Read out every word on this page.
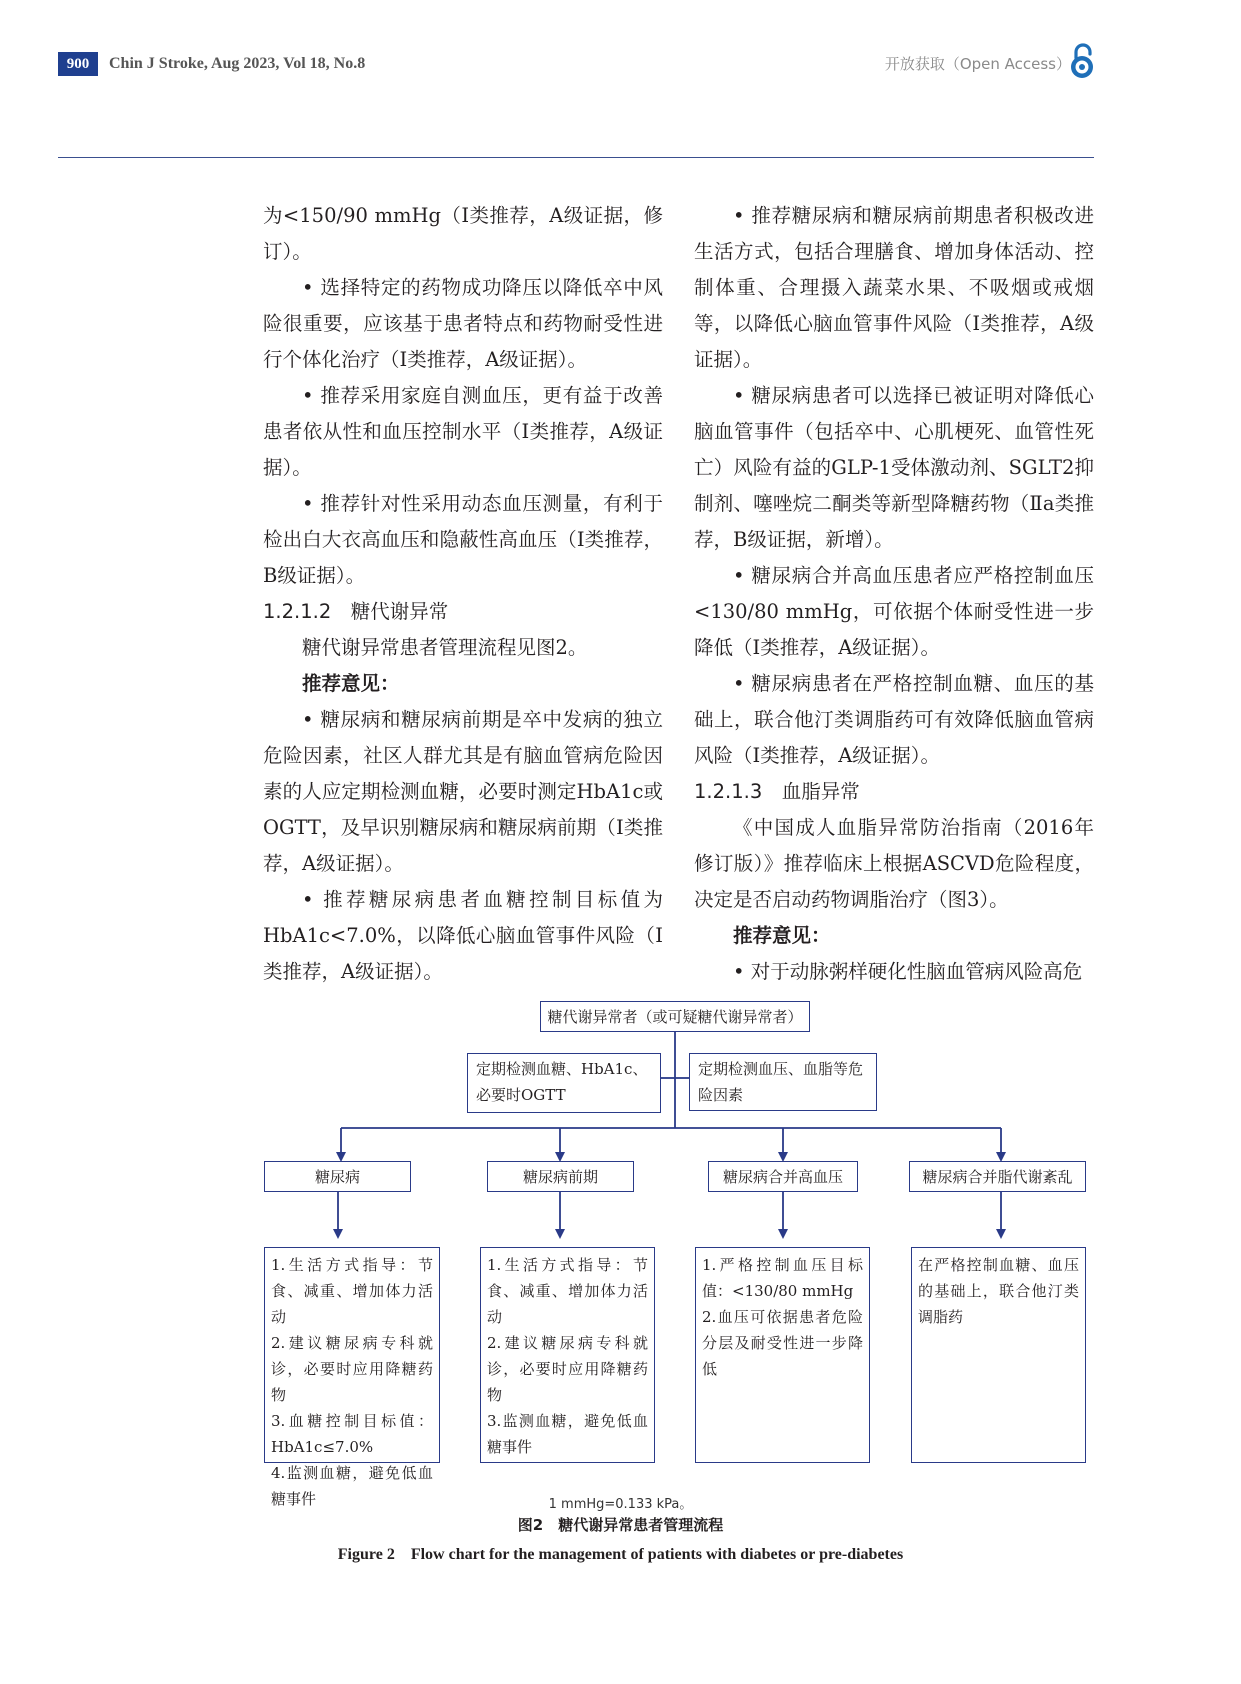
900	Chin J Stroke, Aug 2023, Vol 18, No.8	开放获取（Open Access）

为<150/90 mmHg（Ⅰ类推荐，A级证据，修订）。

• 选择特定的药物成功降压以降低卒中风险很重要，应该基于患者特点和药物耐受性进行个体化治疗（Ⅰ类推荐，A级证据）。

• 推荐采用家庭自测血压，更有益于改善患者依从性和血压控制水平（Ⅰ类推荐，A级证据）。

• 推荐针对性采用动态血压测量，有利于检出白大衣高血压和隐蔽性高血压（Ⅰ类推荐，B级证据）。

1.2.1.2　糖代谢异常

糖代谢异常患者管理流程见图2。

推荐意见：

• 糖尿病和糖尿病前期是卒中发病的独立危险因素，社区人群尤其是有脑血管病危险因素的人应定期检测血糖，必要时测定HbA1c或OGTT，及早识别糖尿病和糖尿病前期（Ⅰ类推荐，A级证据）。

• 推荐糖尿病患者血糖控制目标值为HbA1c<7.0%，以降低心脑血管事件风险（Ⅰ类推荐，A级证据）。

• 推荐糖尿病和糖尿病前期患者积极改进生活方式，包括合理膳食、增加身体活动、控制体重、合理摄入蔬菜水果、不吸烟或戒烟等，以降低心脑血管事件风险（Ⅰ类推荐，A级证据）。

• 糖尿病患者可以选择已被证明对降低心脑血管事件（包括卒中、心肌梗死、血管性死亡）风险有益的GLP-1受体激动剂、SGLT2抑制剂、噻唑烷二酮类等新型降糖药物（Ⅱa类推荐，B级证据，新增）。

• 糖尿病合并高血压患者应严格控制血压<130/80 mmHg，可依据个体耐受性进一步降低（Ⅰ类推荐，A级证据）。

• 糖尿病患者在严格控制血糖、血压的基础上，联合他汀类调脂药可有效降低脑血管病风险（Ⅰ类推荐，A级证据）。

1.2.1.3　血脂异常

《中国成人血脂异常防治指南（2016年修订版）》推荐临床上根据ASCVD危险程度，决定是否启动药物调脂治疗（图3）。

推荐意见：

• 对于动脉粥样硬化性脑血管病风险高危

糖代谢异常者（或可疑糖代谢异常者）
定期检测血糖、HbA1c、必要时OGTT
定期检测血压、血脂等危险因素
糖尿病	糖尿病前期	糖尿病合并高血压	糖尿病合并脂代谢紊乱
1.生活方式指导：节食、减重、增加体力活动
2.建议糖尿病专科就诊，必要时应用降糖药物
3.血糖控制目标值：HbA1c≤7.0%
4.监测血糖，避免低血糖事件
1.生活方式指导：节食、减重、增加体力活动
2.建议糖尿病专科就诊，必要时应用降糖药物
3.监测血糖，避免低血糖事件
1.严格控制血压目标值：<130/80 mmHg
2.血压可依据患者危险分层及耐受性进一步降低
在严格控制血糖、血压的基础上，联合他汀类调脂药
1 mmHg=0.133 kPa。
图2　糖代谢异常患者管理流程
Figure 2　Flow chart for the management of patients with diabetes or pre-diabetes
